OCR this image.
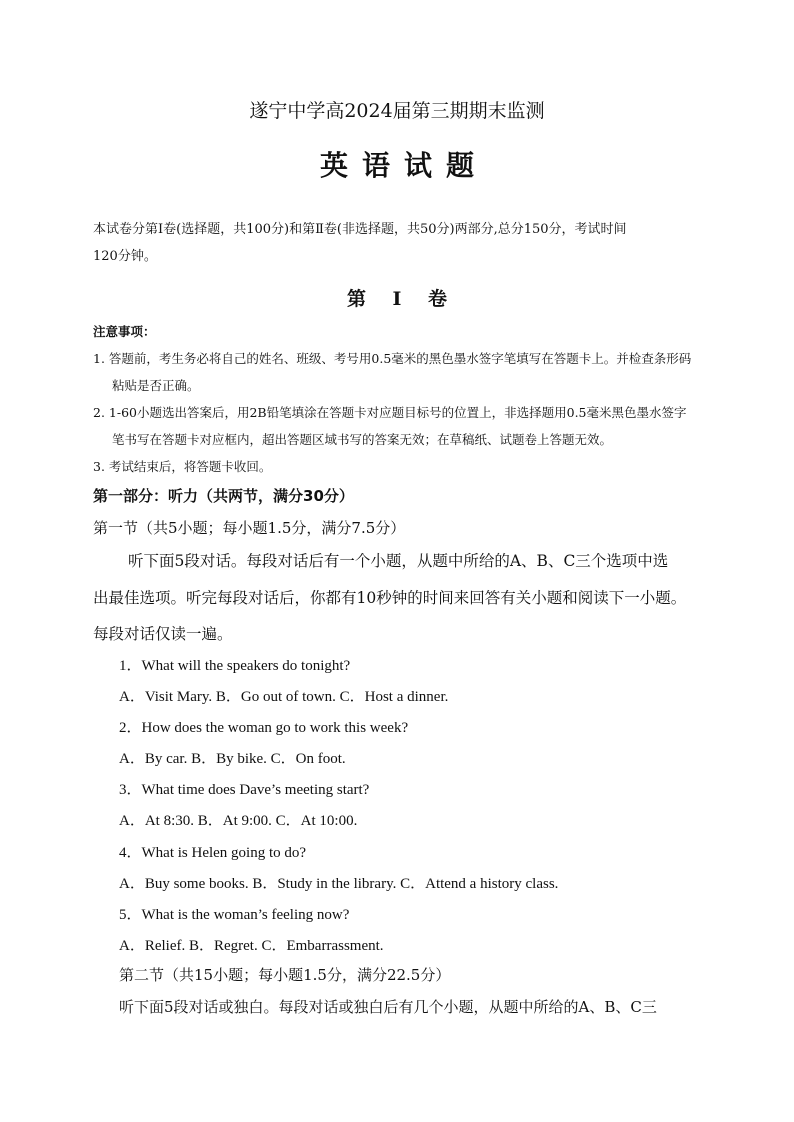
遂宁中学高2024届第三期期末监测
英语试题
本试卷分第Ⅰ卷(选择题，共100分)和第Ⅱ卷(非选择题，共50分)两部分,总分150分，考试时间
120分钟。
第 Ⅰ 卷
注意事项：
1. 答题前，考生务必将自己的姓名、班级、考号用0.5毫米的黑色墨水签字笔填写在答题卡上。并检查条形码
粘贴是否正确。
2. 1-60小题选出答案后，用2B铅笔填涂在答题卡对应题目标号的位置上，非选择题用0.5毫米黑色墨水签字
笔书写在答题卡对应框内，超出答题区域书写的答案无效；在草稿纸、试题卷上答题无效。
3. 考试结束后，将答题卡收回。
第一部分：听力（共两节，满分30分）
第一节（共5小题；每小题1.5分，满分7.5分）
听下面5段对话。每段对话后有一个小题，从题中所给的A、B、C三个选项中选
出最佳选项。听完每段对话后，你都有10秒钟的时间来回答有关小题和阅读下一小题。
每段对话仅读一遍。
1．What will the speakers do tonight?
A．Visit Mary. B．Go out of town. C．Host a dinner.
2．How does the woman go to work this week?
A．By car. B．By bike. C．On foot.
3．What time does Dave’s meeting start?
A．At 8:30. B．At 9:00. C．At 10:00.
4．What is Helen going to do?
A．Buy some books. B．Study in the library. C．Attend a history class.
5．What is the woman’s feeling now?
A．Relief. B．Regret. C．Embarrassment.
第二节（共15小题；每小题1.5分，满分22.5分）
听下面5段对话或独白。每段对话或独白后有几个小题，从题中所给的A、B、C三
